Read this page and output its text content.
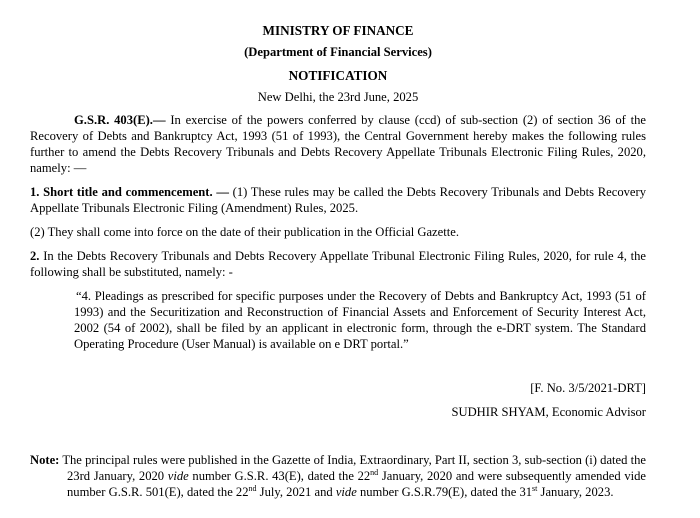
MINISTRY OF FINANCE
(Department of Financial Services)
NOTIFICATION
New Delhi, the 23rd June, 2025

G.S.R. 403(E).— In exercise of the powers conferred by clause (ccd) of sub-section (2) of section 36 of the Recovery of Debts and Bankruptcy Act, 1993 (51 of 1993), the Central Government hereby makes the following rules further to amend the Debts Recovery Tribunals and Debts Recovery Appellate Tribunals Electronic Filing Rules, 2020, namely: —

1. Short title and commencement. — (1) These rules may be called the Debts Recovery Tribunals and Debts Recovery Appellate Tribunals Electronic Filing (Amendment) Rules, 2025.

(2) They shall come into force on the date of their publication in the Official Gazette.

2. In the Debts Recovery Tribunals and Debts Recovery Appellate Tribunal Electronic Filing Rules, 2020, for rule 4, the following shall be substituted, namely: -

“4. Pleadings as prescribed for specific purposes under the Recovery of Debts and Bankruptcy Act, 1993 (51 of 1993) and the Securitization and Reconstruction of Financial Assets and Enforcement of Security Interest Act, 2002 (54 of 2002), shall be filed by an applicant in electronic form, through the e-DRT system. The Standard Operating Procedure (User Manual) is available on e DRT portal.”

[F. No. 3/5/2021-DRT]
SUDHIR SHYAM, Economic Advisor

Note: The principal rules were published in the Gazette of India, Extraordinary, Part II, section 3, sub-section (i) dated the 23rd January, 2020 vide number G.S.R. 43(E), dated the 22nd January, 2020 and were subsequently amended vide number G.S.R. 501(E), dated the 22nd July, 2021 and vide number G.S.R.79(E), dated the 31st January, 2023.
